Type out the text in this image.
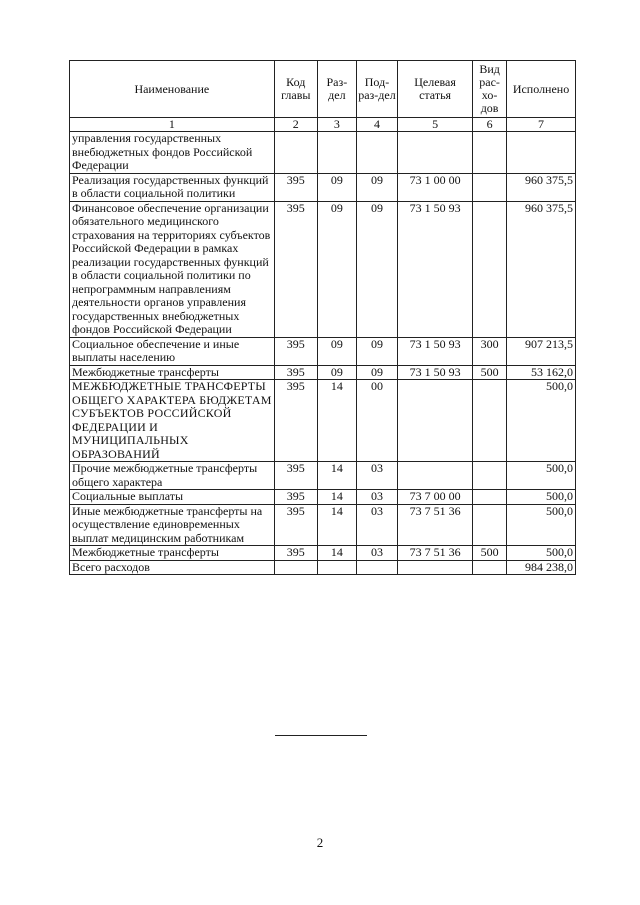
Наименование	Код главы	Раз-дел	Под-раз-дел	Целевая статья	Вид рас-хо-дов	Исполнено
1	2	3	4	5	6	7
управления государственных внебюджетных фондов Российской Федерации						
Реализация государственных функций в области социальной политики	395	09	09	73 1 00 00		960 375,5
Финансовое обеспечение организации обязательного медицинского страхования на территориях субъектов Российской Федерации в рамках реализации государственных функций в области социальной политики по непрограммным направлениям деятельности органов управления государственных внебюджетных фондов Российской Федерации	395	09	09	73 1 50 93		960 375,5
Социальное обеспечение и иные выплаты населению	395	09	09	73 1 50 93	300	907 213,5
Межбюджетные трансферты	395	09	09	73 1 50 93	500	53 162,0
МЕЖБЮДЖЕТНЫЕ ТРАНСФЕРТЫ ОБЩЕГО ХАРАКТЕРА БЮДЖЕТАМ СУБЪЕКТОВ РОССИЙСКОЙ ФЕДЕРАЦИИ И МУНИЦИПАЛЬНЫХ ОБРАЗОВАНИЙ	395	14	00			500,0
Прочие межбюджетные трансферты общего характера	395	14	03			500,0
Социальные выплаты	395	14	03	73 7 00 00		500,0
Иные межбюджетные трансферты на осуществление единовременных выплат медицинским работникам	395	14	03	73 7 51 36		500,0
Межбюджетные трансферты	395	14	03	73 7 51 36	500	500,0
Всего расходов						984 238,0
2
